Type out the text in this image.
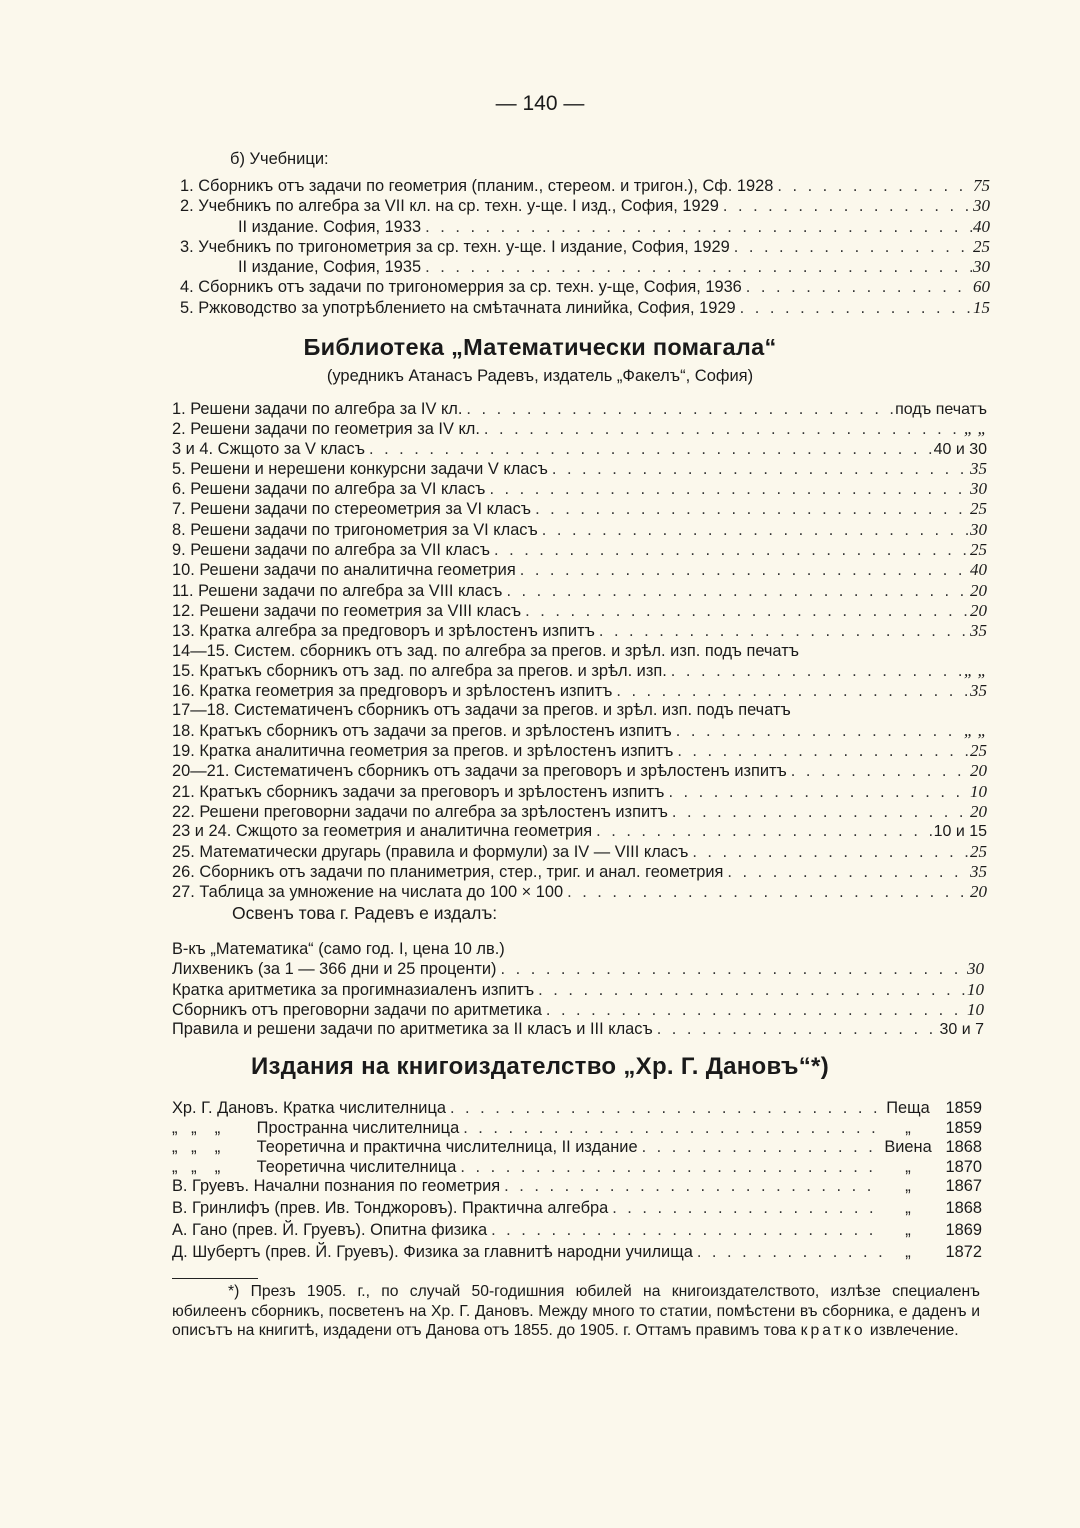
— 140 —
б) Учебници:
1. Сборникъ отъ задачи по геометрия (планим., стереом. и тригон.), Сф. 1928 . . .	75
2. Учебникъ по алгебра за VII кл. на ср. техн. у-ще. I изд., София, 1929 . . .	30
II издание. София, 1933 . . .	40
3. Учебникъ по тригонометрия за ср. техн. у-ще. I издание, София, 1929 . . .	25
II издание, София, 1935 . . .	30
4. Сборникъ отъ задачи по тригономеррия за ср. техн. у-ще, София, 1936 . . .	60
5. Ржководство за употрѣблението на смѣтачната линийка, София, 1929 . . .	15
Библиотека „Математически помагала“
(уредникъ Атанасъ Радевъ, издатель „Факелъ“, София)
1. Решени задачи по алгебра за IV кл. . . .	подъ печатъ
2. Решени задачи по геометрия за IV кл. . . .	„ „
3 и 4. Сжщото за V класъ . . .	40 и 30
5. Решени и нерешени конкурсни задачи V класъ . . .	35
6. Решени задачи по алгебра за VI класъ . . .	30
7. Решени задачи по стереометрия за VI класъ . . .	25
8. Решени задачи по тригонометрия за VI класъ . . .	30
9. Решени задачи по алгебра за VII класъ . . .	25
10. Решени задачи по аналитична геометрия . . .	40
11. Решени задачи по алгебра за VIII класъ . . .	20
12. Решени задачи по геометрия за VIII класъ . . .	20
13. Кратка алгебра за предговоръ и зрѣлостенъ изпитъ . . .	35
14—15. Систем. сборникъ отъ зад. по алгебра за прегов. и зрѣл. изп. подъ печатъ
15. Кратъкъ сборникъ отъ зад. по алгебра за прегов. и зрѣл. изп. . . .	„ „
16. Кратка геометрия за предговоръ и зрѣлостенъ изпитъ . . .	35
17—18. Систематиченъ сборникъ отъ задачи за прегов. и зрѣл. изп. подъ печатъ
18. Кратъкъ сборникъ отъ задачи за прегов. и зрѣлостенъ изпитъ . . .	„ „
19. Кратка аналитична геометрия за прегов. и зрѣлостенъ изпитъ . . .	25
20—21. Систематиченъ сборникъ отъ задачи за преговоръ и зрѣлостенъ изпитъ . . .	20
21. Кратъкъ сборникъ задачи за преговоръ и зрѣлостенъ изпитъ . . .	10
22. Решени преговорни задачи по алгебра за зрѣлостенъ изпитъ . . .	20
23 и 24. Сжщото за геометрия и аналитична геометрия . . .	10 и 15
25. Математически другарь (правила и формули) за IV — VIII класъ . . .	25
26. Сборникъ отъ задачи по планиметрия, стер., триг. и анал. геометрия . . .	35
27. Таблица за умножение на числата до 100 × 100 . . .	20
Освенъ това г. Радевъ е издалъ:
В-къ „Математика“ (само год. I, цена 10 лв.)
Лихвеникъ (за 1 — 366 дни и 25 проценти) . . .	30
Кратка аритметика за прогимназиаленъ изпитъ . . .	10
Сборникъ отъ преговорни задачи по аритметика . . .	10
Правила и решени задачи по аритметика за II класъ и III класъ . . .	30 и 7
Издания на книгоиздателство „Хр. Г. Дановъ“*)
Хр. Г. Дановъ. Кратка числителница . . .	Пеща 1859
„   „    „        Пространна числителница . . .	„	1859
„   „    „        Теоретична и практична числителница, II издание . . .	Виена 1868
„   „    „        Теоретична числителница . . .	„	1870
В. Груевъ. Начални познания по геометрия . . .	„	1867
В. Гринлифъ (прев. Ив. Тонджоровъ). Практична алгебра . . .	„	1868
А. Гано (прев. Й. Груевъ). Опитна физика . . .	„	1869
Д. Шубертъ (прев. Й. Груевъ). Физика за главнитѣ народни училища . . .	„	1872
*) Презъ 1905. г., по случай 50-годишния юбилей на книгоиздателството, излѣзе специаленъ юбилеенъ сборникъ, посветенъ на Хр. Г. Дановъ. Между много то статии, помѣстени въ сборника, е даденъ и описътъ на книгитѣ, издадени отъ Данова отъ 1855. до 1905. г. Оттамъ правимъ това кратко извлечение.
